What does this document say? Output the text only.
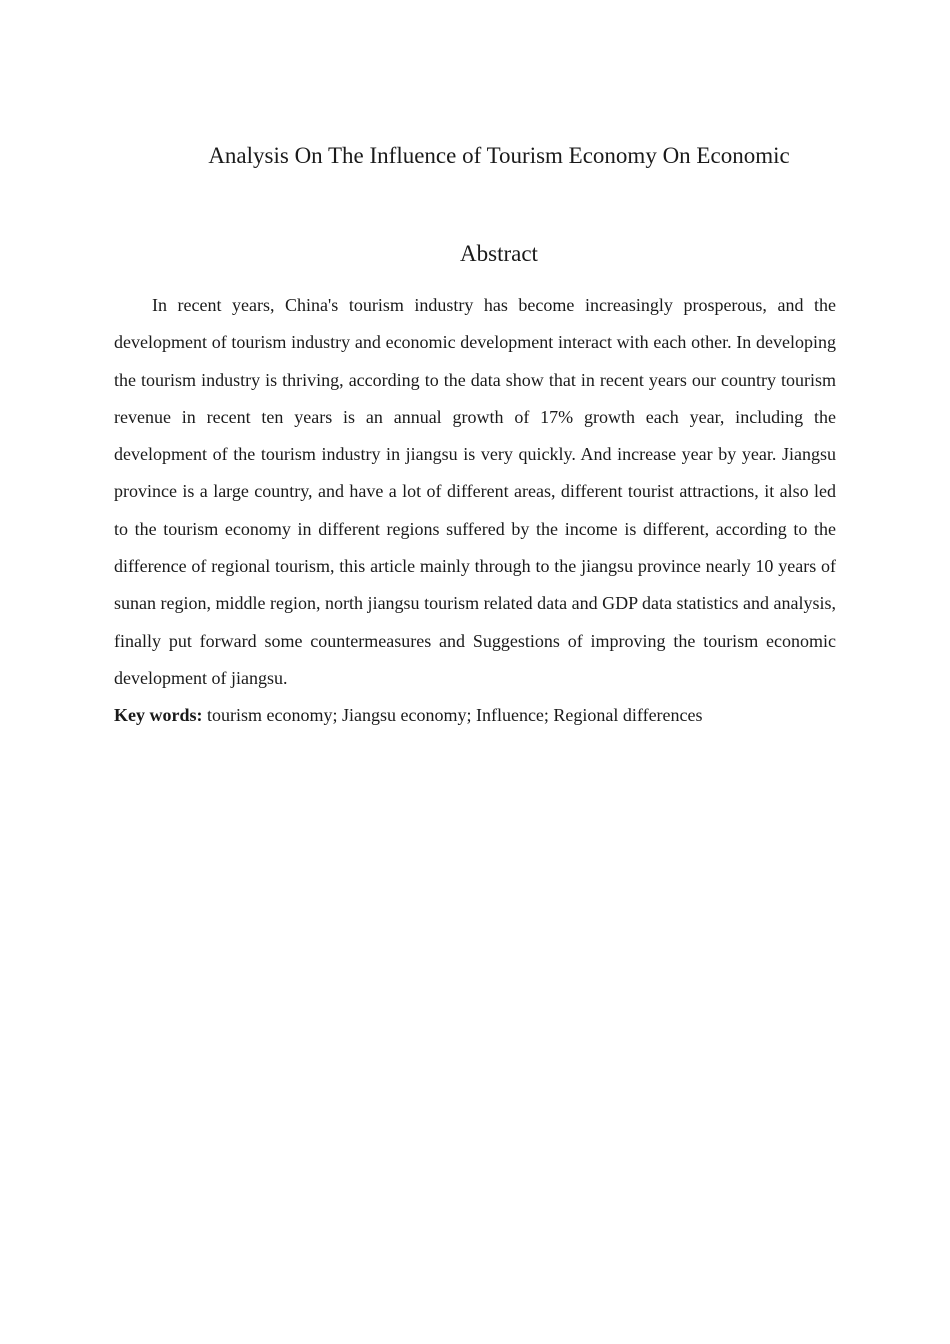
Analysis On The Influence of Tourism Economy On Economic
Abstract

In recent years, China's tourism industry has become increasingly prosperous, and the development of tourism industry and economic development interact with each other. In developing the tourism industry is thriving, according to the data show that in recent years our country tourism revenue in recent ten years is an annual growth of 17% growth each year, including the development of the tourism industry in jiangsu is very quickly. And increase year by year. Jiangsu province is a large country, and have a lot of different areas, different tourist attractions, it also led to the tourism economy in different regions suffered by the income is different, according to the difference of regional tourism, this article mainly through to the jiangsu province nearly 10 years of sunan region, middle region, north jiangsu tourism related data and GDP data statistics and analysis, finally put forward some countermeasures and Suggestions of improving the tourism economic development of jiangsu.

Key words: tourism economy; Jiangsu economy; Influence; Regional differences
